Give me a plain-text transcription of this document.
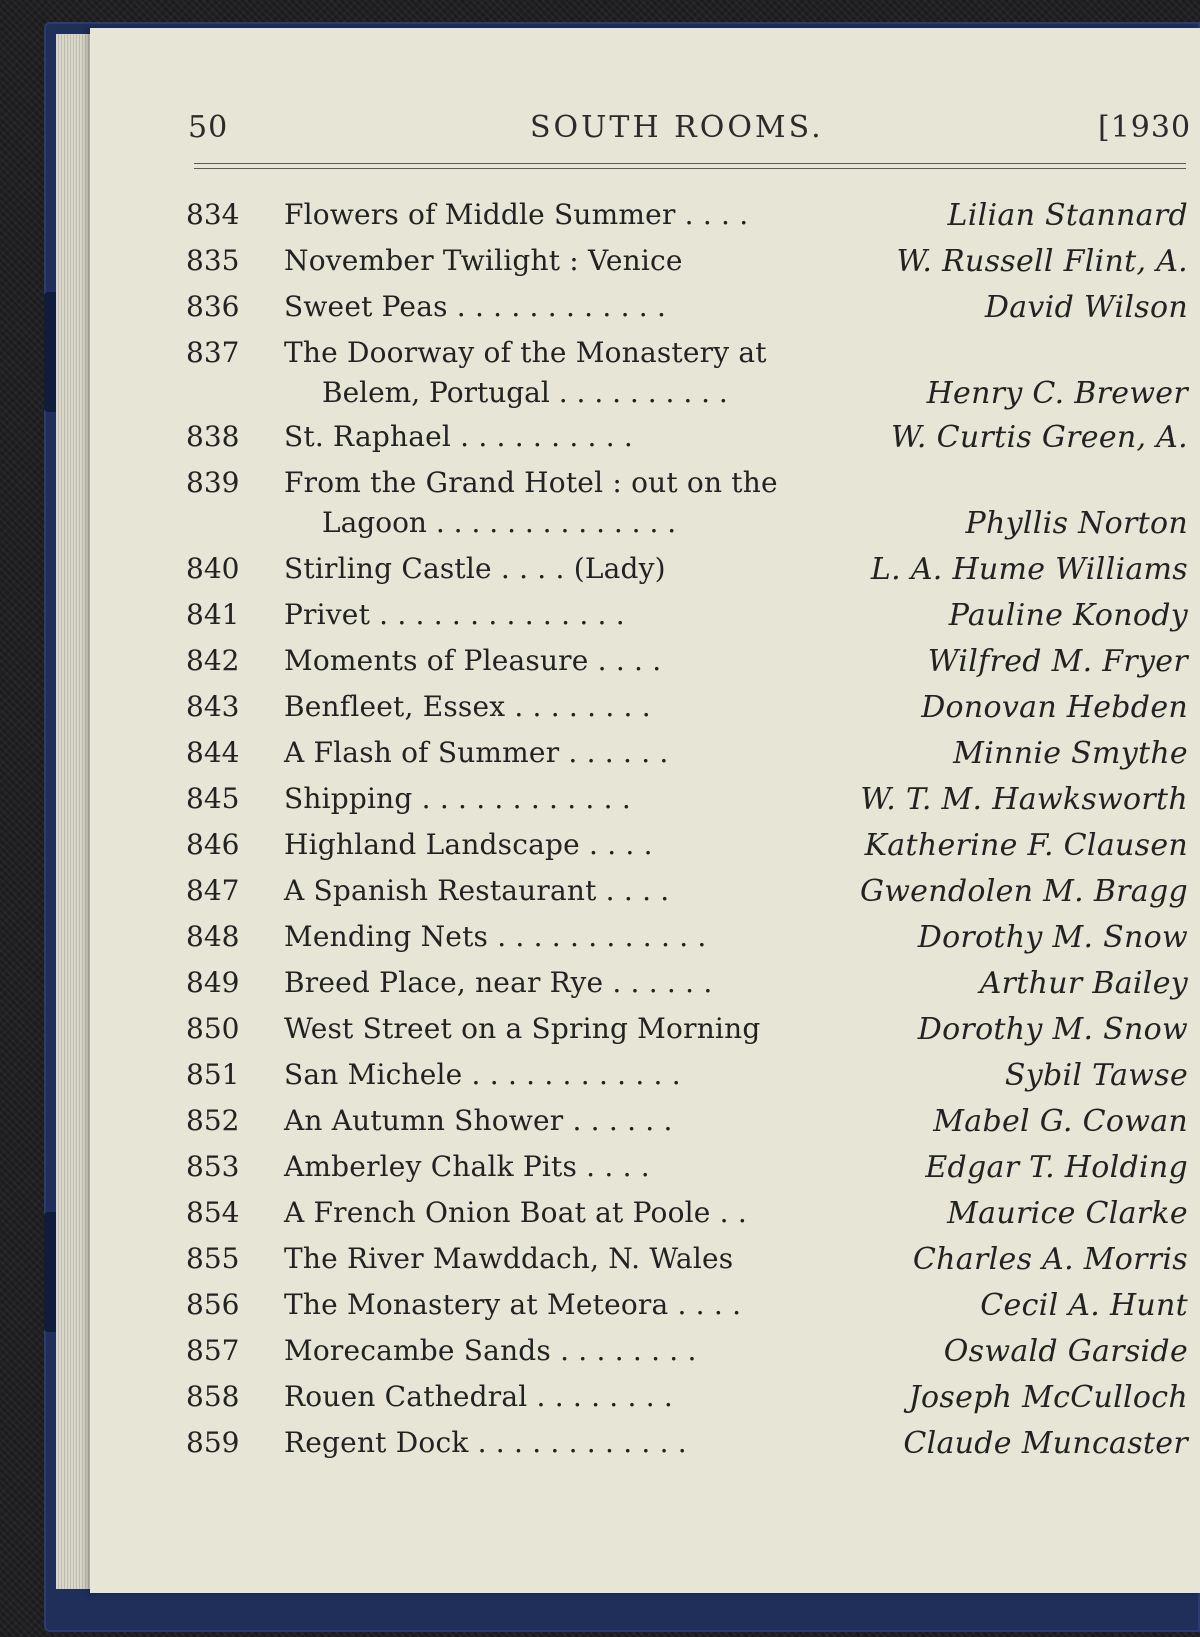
50	SOUTH ROOMS.	[1930
834 Flowers of Middle Summer . . . .	Lilian Stannard
835 November Twilight : Venice	W. Russell Flint, A.
836 Sweet Peas . . . . . . . . . . . .	David Wilson
837 The Doorway of the Monastery at
Belem, Portugal . . . . . . . . . .	Henry C. Brewer
838 St. Raphael . . . . . . . . . .	W. Curtis Green, A.
839 From the Grand Hotel : out on the
Lagoon . . . . . . . . . . . . . .	Phyllis Norton
840 Stirling Castle . . . . (Lady)	L. A. Hume Williams
841 Privet . . . . . . . . . . . . . .	Pauline Konody
842 Moments of Pleasure . . . .	Wilfred M. Fryer
843 Benfleet, Essex . . . . . . . .	Donovan Hebden
844 A Flash of Summer . . . . . .	Minnie Smythe
845 Shipping . . . . . . . . . . . .	W. T. M. Hawksworth
846 Highland Landscape . . . .	Katherine F. Clausen
847 A Spanish Restaurant . . . .	Gwendolen M. Bragg
848 Mending Nets . . . . . . . . . . . .	Dorothy M. Snow
849 Breed Place, near Rye . . . . . .	Arthur Bailey
850 West Street on a Spring Morning	Dorothy M. Snow
851 San Michele . . . . . . . . . . . .	Sybil Tawse
852 An Autumn Shower . . . . . .	Mabel G. Cowan
853 Amberley Chalk Pits . . . .	Edgar T. Holding
854 A French Onion Boat at Poole . .	Maurice Clarke
855 The River Mawddach, N. Wales	Charles A. Morris
856 The Monastery at Meteora . . . .	Cecil A. Hunt
857 Morecambe Sands . . . . . . . .	Oswald Garside
858 Rouen Cathedral . . . . . . . .	Joseph McCulloch
859 Regent Dock . . . . . . . . . . . .	Claude Muncaster
